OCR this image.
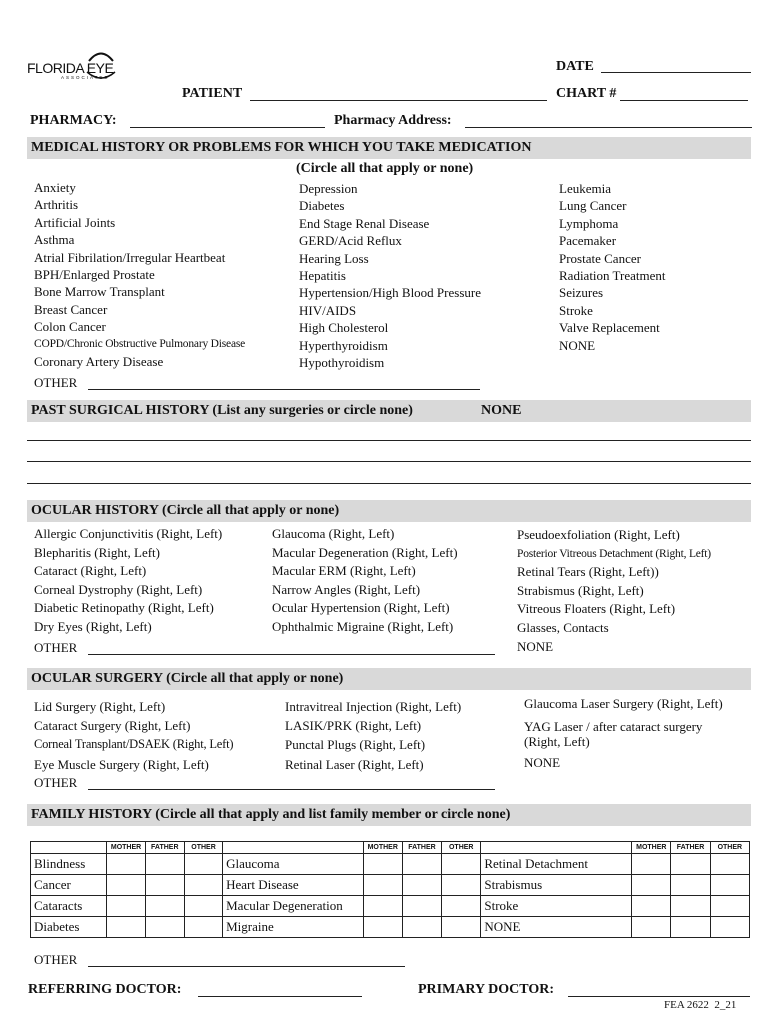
FLORIDA EYE
ASSOCIATES
DATE
PATIENT	CHART #
PHARMACY:	Pharmacy Address:
MEDICAL HISTORY OR PROBLEMS FOR WHICH YOU TAKE MEDICATION
(Circle all that apply or none)
Anxiety
Arthritis
Artificial Joints
Asthma
Atrial Fibrilation/Irregular Heartbeat
BPH/Enlarged Prostate
Bone Marrow Transplant
Breast Cancer
Colon Cancer
COPD/Chronic Obstructive Pulmonary Disease
Coronary Artery Disease
Depression
Diabetes
End Stage Renal Disease
GERD/Acid Reflux
Hearing Loss
Hepatitis
Hypertension/High Blood Pressure
HIV/AIDS
High Cholesterol
Hyperthyroidism
Hypothyroidism
Leukemia
Lung Cancer
Lymphoma
Pacemaker
Prostate Cancer
Radiation Treatment
Seizures
Stroke
Valve Replacement
NONE
OTHER
PAST SURGICAL HISTORY (List any surgeries or circle none)	NONE
OCULAR HISTORY (Circle all that apply or none)
Allergic Conjunctivitis (Right, Left)
Blepharitis (Right, Left)
Cataract (Right, Left)
Corneal Dystrophy (Right, Left)
Diabetic Retinopathy (Right, Left)
Dry Eyes (Right, Left)
Glaucoma (Right, Left)
Macular Degeneration (Right, Left)
Macular ERM (Right, Left)
Narrow Angles (Right, Left)
Ocular Hypertension (Right, Left)
Ophthalmic Migraine (Right, Left)
Pseudoexfoliation (Right, Left)
Posterior Vitreous Detachment (Right, Left)
Retinal Tears (Right, Left))
Strabismus (Right, Left)
Vitreous Floaters (Right, Left)
Glasses, Contacts
NONE
OTHER
OCULAR SURGERY (Circle all that apply or none)
Lid Surgery (Right, Left)
Cataract Surgery (Right, Left)
Corneal Transplant/DSAEK (Right, Left)
Eye Muscle Surgery (Right, Left)
Intravitreal Injection (Right, Left)
LASIK/PRK (Right, Left)
Punctal Plugs (Right, Left)
Retinal Laser (Right, Left)
Glaucoma Laser Surgery (Right, Left)
YAG Laser / after cataract surgery
(Right, Left)
NONE
OTHER
FAMILY HISTORY (Circle all that apply and list family member or circle none)
	MOTHER	FATHER	OTHER		MOTHER	FATHER	OTHER		MOTHER	FATHER	OTHER
Blindness				Glaucoma				Retinal Detachment			
Cancer				Heart Disease				Strabismus			
Cataracts				Macular Degeneration				Stroke			
Diabetes				Migraine				NONE			
OTHER
REFERRING DOCTOR:	PRIMARY DOCTOR:
FEA 2622  2_21
